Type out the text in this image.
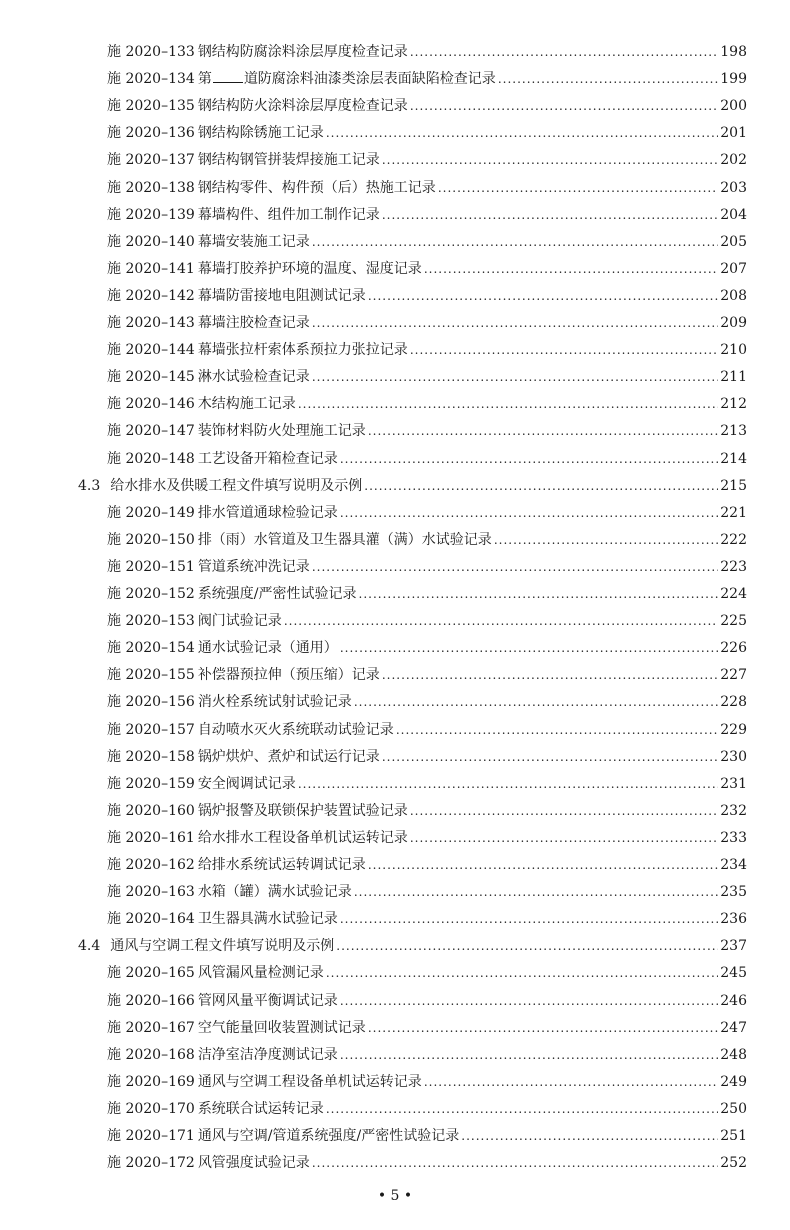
施 2020–133 钢结构防腐涂料涂层厚度检查记录 .....	198
施 2020–134 第 道防腐涂料油漆类涂层表面缺陷检查记录 .....	199
施 2020–135 钢结构防火涂料涂层厚度检查记录 .....	200
施 2020–136 钢结构除锈施工记录 .....	201
施 2020–137 钢结构钢管拼装焊接施工记录 .....	202
施 2020–138 钢结构零件、构件预（后）热施工记录 .....	203
施 2020–139 幕墙构件、组件加工制作记录 .....	204
施 2020–140 幕墙安装施工记录 .....	205
施 2020–141 幕墙打胶养护环境的温度、湿度记录 .....	207
施 2020–142 幕墙防雷接地电阻测试记录 .....	208
施 2020–143 幕墙注胶检查记录 .....	209
施 2020–144 幕墙张拉杆索体系预拉力张拉记录 .....	210
施 2020–145 淋水试验检查记录 .....	211
施 2020–146 木结构施工记录 .....	212
施 2020–147 装饰材料防火处理施工记录 .....	213
施 2020–148 工艺设备开箱检查记录 .....	214
4.3 给水排水及供暖工程文件填写说明及示例 .....	215
施 2020–149 排水管道通球检验记录 .....	221
施 2020–150 排（雨）水管道及卫生器具灌（满）水试验记录 .....	222
施 2020–151 管道系统冲洗记录 .....	223
施 2020–152 系统强度/严密性试验记录 .....	224
施 2020–153 阀门试验记录 .....	225
施 2020–154 通水试验记录（通用） .....	226
施 2020–155 补偿器预拉伸（预压缩）记录 .....	227
施 2020–156 消火栓系统试射试验记录 .....	228
施 2020–157 自动喷水灭火系统联动试验记录 .....	229
施 2020–158 锅炉烘炉、煮炉和试运行记录 .....	230
施 2020–159 安全阀调试记录 .....	231
施 2020–160 锅炉报警及联锁保护装置试验记录 .....	232
施 2020–161 给水排水工程设备单机试运转记录 .....	233
施 2020–162 给排水系统试运转调试记录 .....	234
施 2020–163 水箱（罐）满水试验记录 .....	235
施 2020–164 卫生器具满水试验记录 .....	236
4.4 通风与空调工程文件填写说明及示例 .....	237
施 2020–165 风管漏风量检测记录 .....	245
施 2020–166 管网风量平衡调试记录 .....	246
施 2020–167 空气能量回收装置测试记录 .....	247
施 2020–168 洁净室洁净度测试记录 .....	248
施 2020–169 通风与空调工程设备单机试运转记录 .....	249
施 2020–170 系统联合试运转记录 .....	250
施 2020–171 通风与空调/管道系统强度/严密性试验记录 .....	251
施 2020–172 风管强度试验记录 .....	252
• 5 •
